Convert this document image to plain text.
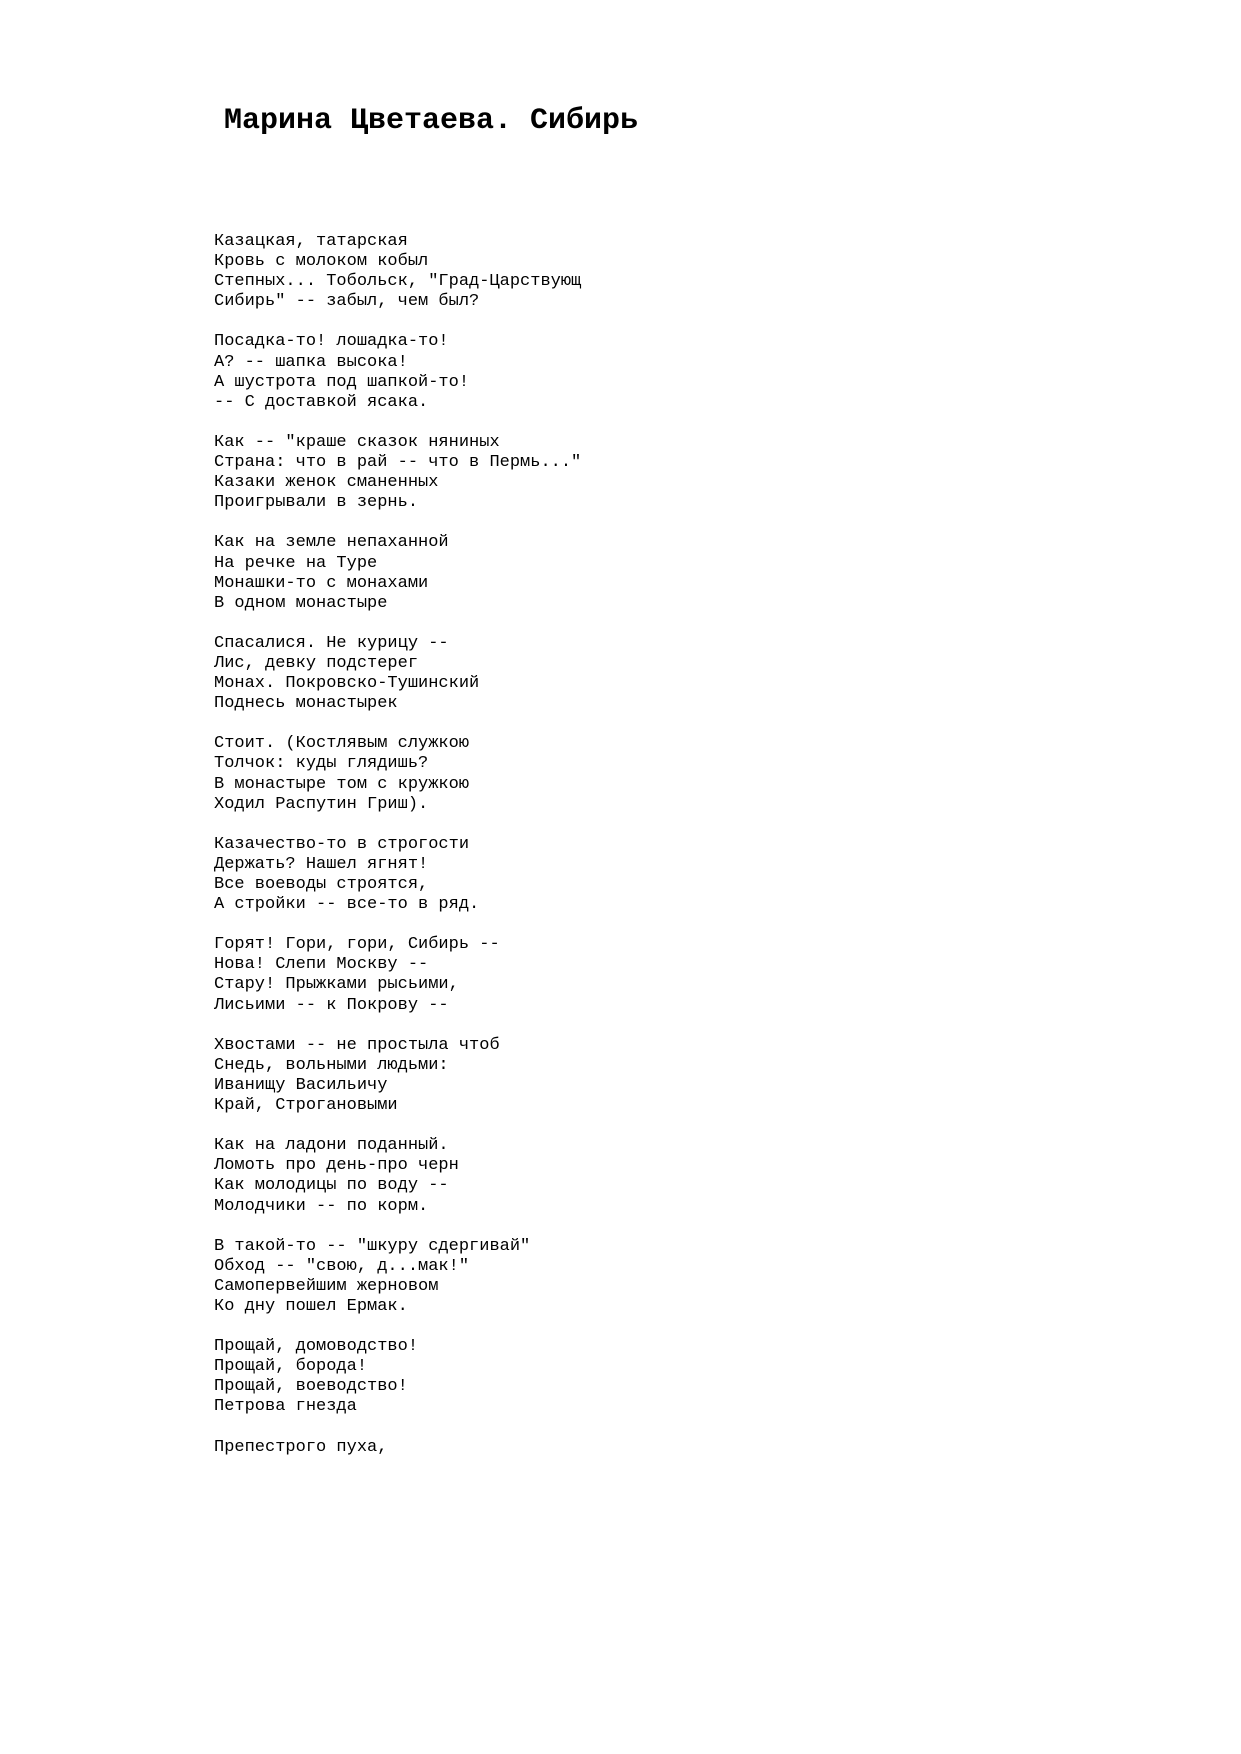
Марина Цветаева. Сибирь
Казацкая, татарская
Кровь с молоком кобыл
Степных... Тобольск, "Град-Царствующ
Сибирь" -- забыл, чем был?
Посадка-то! лошадка-то!
А? -- шапка высока!
А шустрота под шапкой-то!
-- С доставкой ясака.
Как -- "краше сказок няниных
Страна: что в рай -- что в Пермь..."
Казаки женок сманенных
Проигрывали в зернь.
Как на земле непаханной
На речке на Туре
Монашки-то с монахами
В одном монастыре
Спасалися. Не курицу --
Лис, девку подстерег
Монах. Покровско-Тушинский
Поднесь монастырек
Стоит. (Костлявым служкою
Толчок: куды глядишь?
В монастыре том с кружкою
Ходил Распутин Гриш).
Казачество-то в строгости
Держать? Нашел ягнят!
Все воеводы строятся,
А стройки -- все-то в ряд.
Горят! Гори, гори, Сибирь --
Нова! Слепи Москву --
Стару! Прыжками рысьими,
Лисьими -- к Покрову --
Хвостами -- не простыла чтоб
Снедь, вольными людьми:
Иванищу Васильичу
Край, Строгановыми
Как на ладони поданный.
Ломоть про день-про черн
Как молодицы по воду --
Молодчики -- по корм.
В такой-то -- "шкуру сдергивай"
Обход -- "свою, д...мак!"
Самопервейшим жерновом
Ко дну пошел Ермак.
Прощай, домоводство!
Прощай, борода!
Прощай, воеводство!
Петрова гнезда
Препестрого пуха,
